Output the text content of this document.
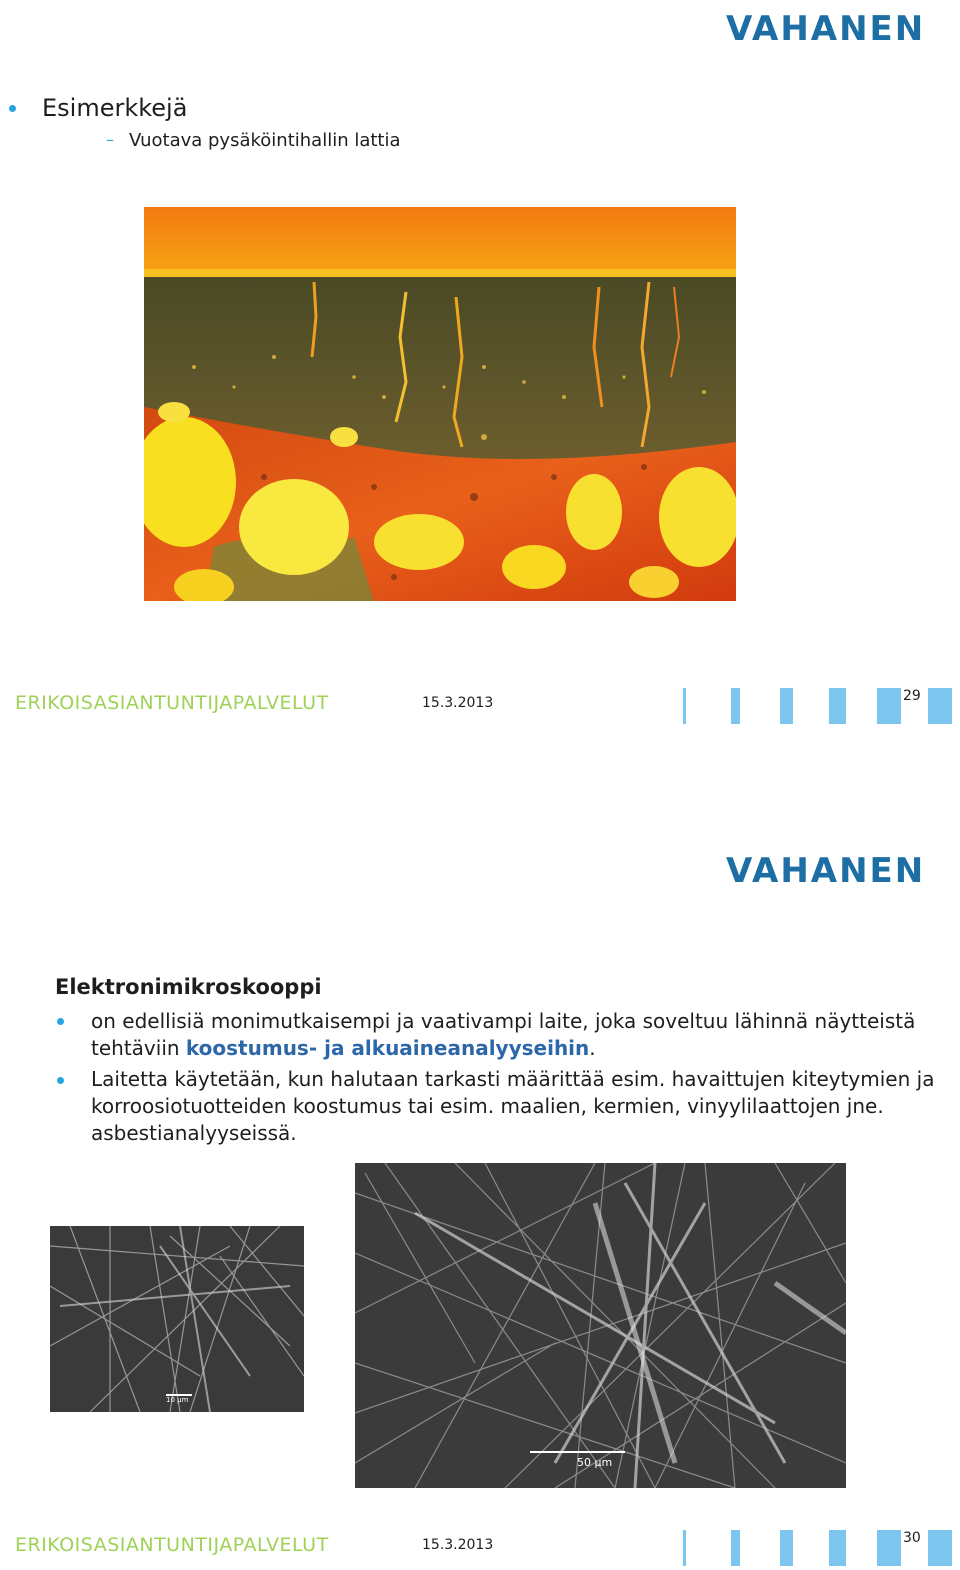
VAHANEN
Esimerkkejä
– Vuotava pysäköintihallin lattia
ERIKOISASIANTUNTIJAPALVELUT	15.3.2013	29
VAHANEN
Elektronimikroskooppi
on edellisiä monimutkaisempi ja vaativampi laite, joka soveltuu lähinnä näytteistä tehtäviin koostumus- ja alkuaineanalyyseihin.
Laitetta käytetään, kun halutaan tarkasti määrittää esim. havaittujen kiteytymien ja korroosiotuotteiden koostumus tai esim. maalien, kermien, vinyylilaattojen jne. asbestianalyyseissä.
10 μm
50 μm
ERIKOISASIANTUNTIJAPALVELUT	15.3.2013	30
